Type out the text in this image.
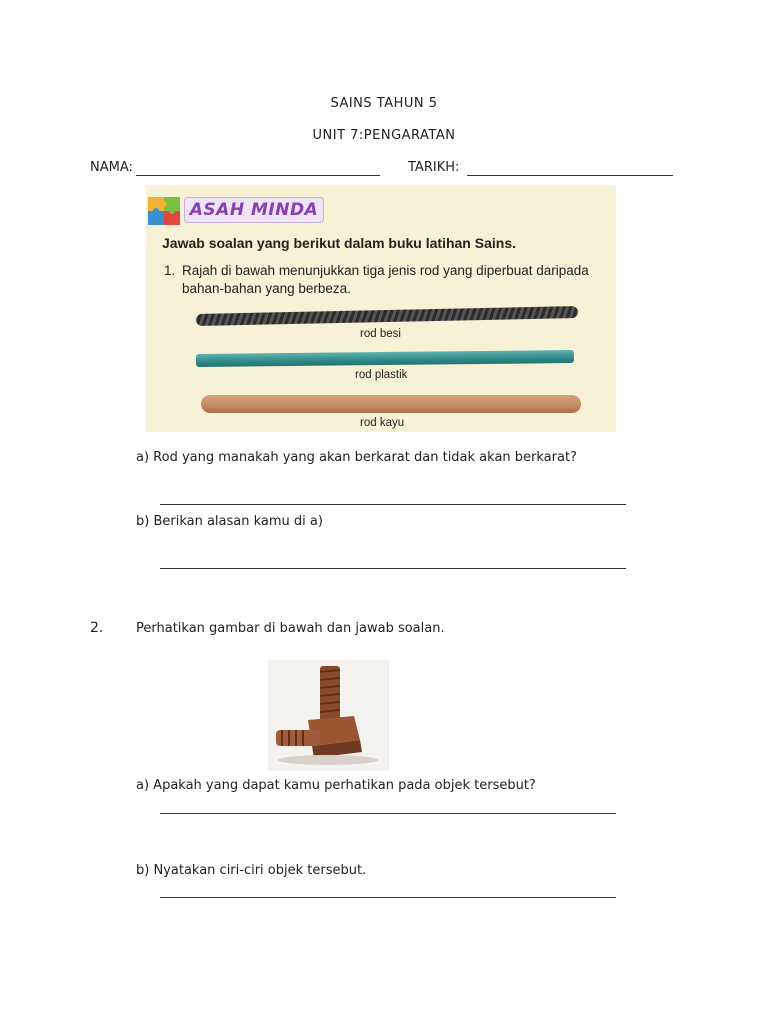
SAINS TAHUN 5
UNIT 7:PENGARATAN
NAMA:	TARIKH:
ASAH MINDA
Jawab soalan yang berikut dalam buku latihan Sains.
1. Rajah di bawah menunjukkan tiga jenis rod yang diperbuat daripada
bahan-bahan yang berbeza.
rod besi
rod plastik
rod kayu
a) Rod yang manakah yang akan berkarat dan tidak akan berkarat?
b) Berikan alasan kamu di a)
2.	Perhatikan gambar di bawah dan jawab soalan.
a) Apakah yang dapat kamu perhatikan pada objek tersebut?
b) Nyatakan ciri-ciri objek tersebut.
